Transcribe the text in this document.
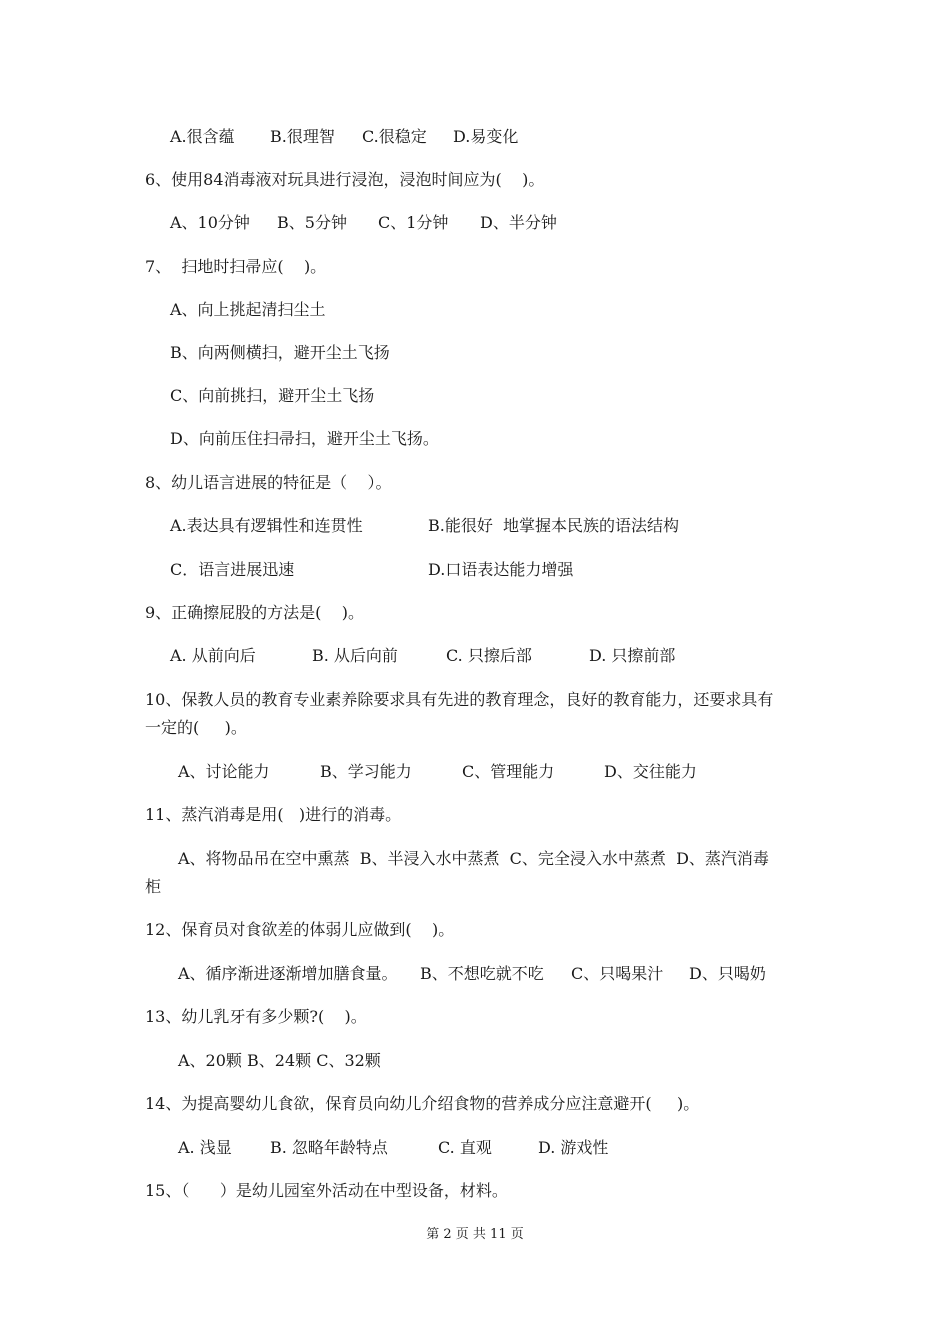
A.很含蕴 B.很理智 C.很稳定 D.易变化
6、使用84消毒液对玩具进行浸泡，浸泡时间应为(    )。
A、10分钟 B、5分钟 C、1分钟 D、半分钟
7、  扫地时扫帚应(    )。
A、向上挑起清扫尘土
B、向两侧横扫，避开尘土飞扬
C、向前挑扫，避开尘土飞扬
D、向前压住扫帚扫，避开尘土飞扬。
8、幼儿语言进展的特征是（    ）。
A.表达具有逻辑性和连贯性	B.能很好  地掌握本民族的语法结构
C．语言进展迅速	D.口语表达能力增强
9、正确擦屁股的方法是(    )。
A. 从前向后	B. 从后向前	C. 只擦后部	D. 只擦前部
10、保教人员的教育专业素养除要求具有先进的教育理念，良好的教育能力，还要求具有
一定的(     )。
A、讨论能力	B、学习能力	C、管理能力	D、交往能力
11、蒸汽消毒是用(   )进行的消毒。
A、将物品吊在空中熏蒸  B、半浸入水中蒸煮  C、完全浸入水中蒸煮  D、蒸汽消毒
柜
12、保育员对食欲差的体弱儿应做到(    )。
A、循序渐进逐渐增加膳食量。 B、不想吃就不吃 C、只喝果汁 D、只喝奶
13、幼儿乳牙有多少颗?(    )。
A、20颗 B、24颗 C、32颗
14、为提高婴幼儿食欲，保育员向幼儿介绍食物的营养成分应注意避开(     )。
A. 浅显 B. 忽略年龄特点	C. 直观	D. 游戏性
15、（      ）是幼儿园室外活动在中型设备，材料。
第 2 页 共 11 页
